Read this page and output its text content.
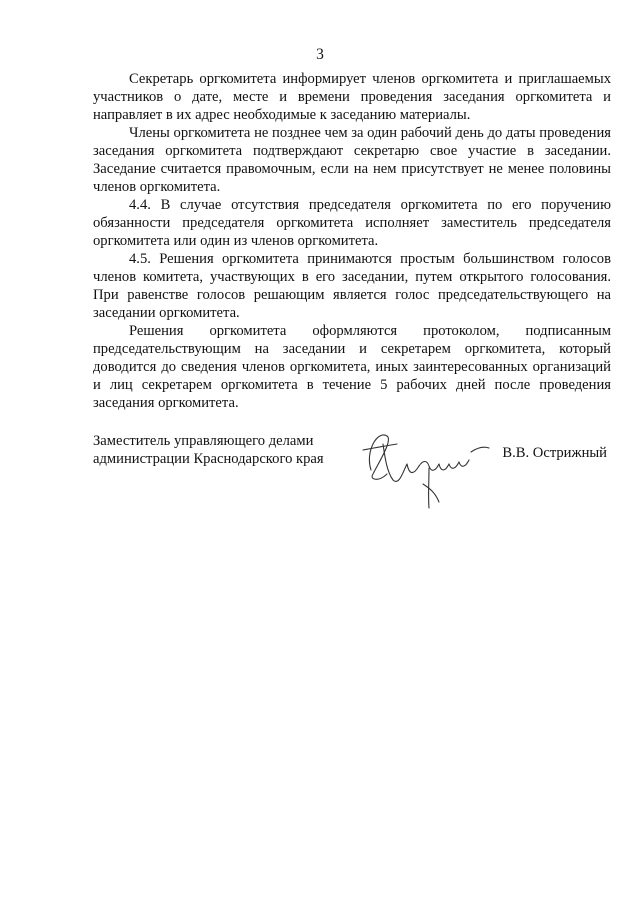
3

Секретарь оргкомитета информирует членов оргкомитета и приглашаемых участников о дате, месте и времени проведения заседания оргкомитета и направляет в их адрес необходимые к заседанию материалы.

Члены оргкомитета не позднее чем за один рабочий день до даты проведения заседания оргкомитета подтверждают секретарю свое участие в заседании. Заседание считается правомочным, если на нем присутствует не менее половины членов оргкомитета.

4.4. В случае отсутствия председателя оргкомитета по его поручению обязанности председателя оргкомитета исполняет заместитель председателя оргкомитета или один из членов оргкомитета.

4.5. Решения оргкомитета принимаются простым большинством голосов членов комитета, участвующих в его заседании, путем открытого голосования. При равенстве голосов решающим является голос председательствующего на заседании оргкомитета.

Решения оргкомитета оформляются протоколом, подписанным председательствующим на заседании и секретарем оргкомитета, который доводится до сведения членов оргкомитета, иных заинтересованных организаций и лиц секретарем оргкомитета в течение 5 рабочих дней после проведения заседания оргкомитета.

Заместитель управляющего делами
администрации Краснодарского края	В.В. Острижный
